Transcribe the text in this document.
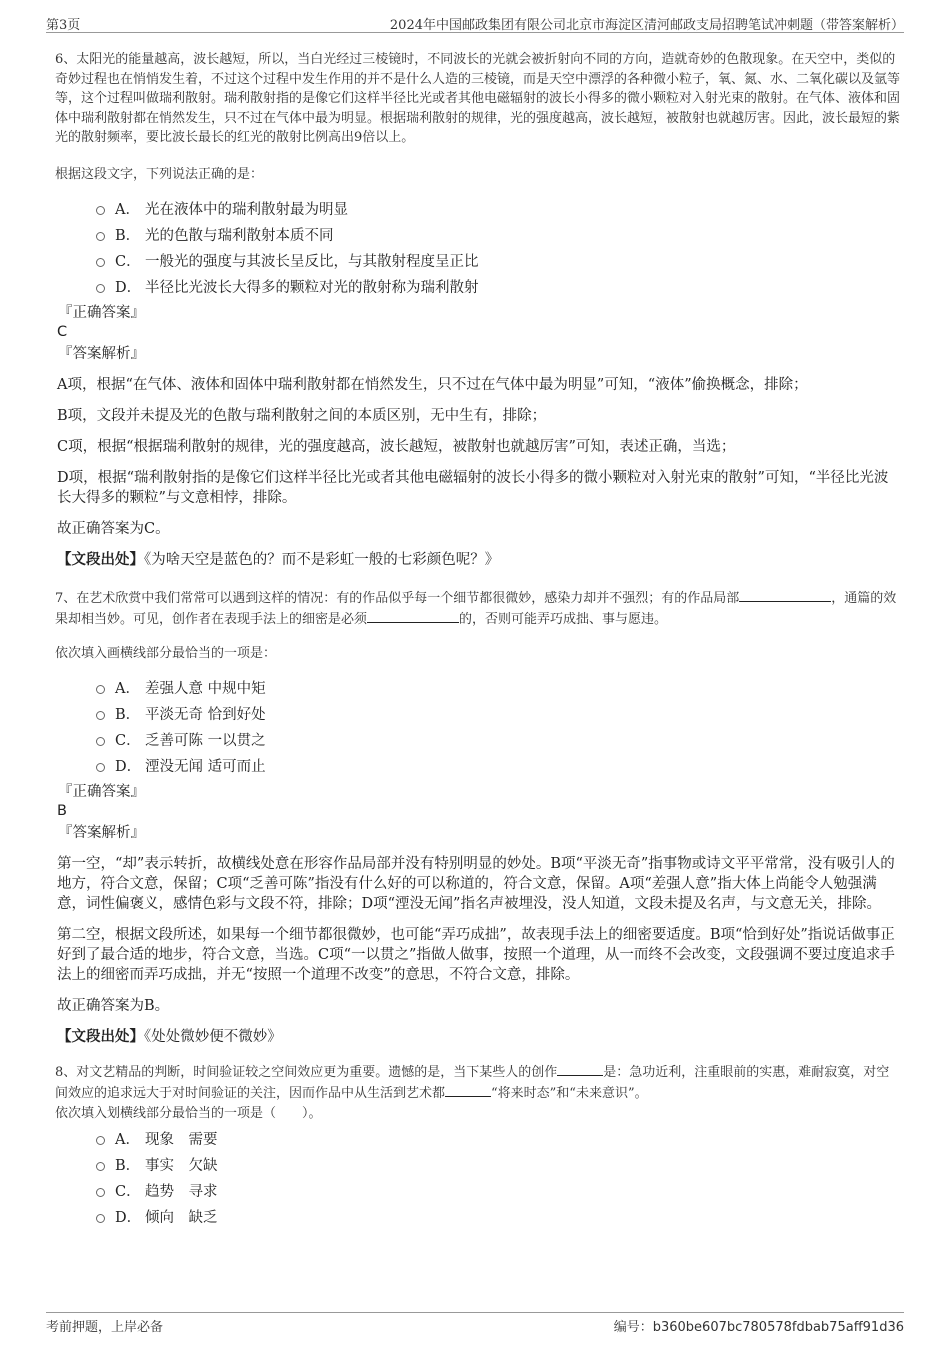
第3页	2024年中国邮政集团有限公司北京市海淀区清河邮政支局招聘笔试冲刺题（带答案解析）

6、太阳光的能量越高，波长越短，所以，当白光经过三棱镜时，不同波长的光就会被折射向不同的方向，造就奇妙的色散现象。在天空中，类似的奇妙过程也在悄悄发生着，不过这个过程中发生作用的并不是什么人造的三棱镜，而是天空中漂浮的各种微小粒子，氧、氮、水、二氧化碳以及氩等等，这个过程叫做瑞利散射。瑞利散射指的是像它们这样半径比光或者其他电磁辐射的波长小得多的微小颗粒对入射光束的散射。在气体、液体和固体中瑞利散射都在悄然发生，只不过在气体中最为明显。根据瑞利散射的规律，光的强度越高，波长越短，被散射也就越厉害。因此，波长最短的紫光的散射频率，要比波长最长的红光的散射比例高出9倍以上。

根据这段文字，下列说法正确的是：

A． 光在液体中的瑞利散射最为明显
B． 光的色散与瑞利散射本质不同
C． 一般光的强度与其波长呈反比，与其散射程度呈正比
D． 半径比光波长大得多的颗粒对光的散射称为瑞利散射

『正确答案』

C

『答案解析』

A项，根据“在气体、液体和固体中瑞利散射都在悄然发生，只不过在气体中最为明显”可知，“液体”偷换概念，排除；

B项，文段并未提及光的色散与瑞利散射之间的本质区别，无中生有，排除；

C项，根据“根据瑞利散射的规律，光的强度越高，波长越短，被散射也就越厉害”可知，表述正确，当选；

D项，根据“瑞利散射指的是像它们这样半径比光或者其他电磁辐射的波长小得多的微小颗粒对入射光束的散射”可知，“半径比光波长大得多的颗粒”与文意相悖，排除。

故正确答案为C。

【文段出处】《为啥天空是蓝色的？而不是彩虹一般的七彩颜色呢？》

7、在艺术欣赏中我们常常可以遇到这样的情况：有的作品似乎每一个细节都很微妙，感染力却并不强烈；有的作品局部	，通篇的效果却相当妙。可见，创作者在表现手法上的细密是必须	的，否则可能弄巧成拙、事与愿违。

依次填入画横线部分最恰当的一项是：

A． 差强人意 中规中矩
B． 平淡无奇 恰到好处
C． 乏善可陈 一以贯之
D． 湮没无闻 适可而止

『正确答案』

B

『答案解析』

第一空，“却”表示转折，故横线处意在形容作品局部并没有特别明显的妙处。B项“平淡无奇”指事物或诗文平平常常，没有吸引人的地方，符合文意，保留；C项“乏善可陈”指没有什么好的可以称道的，符合文意，保留。A项“差强人意”指大体上尚能令人勉强满意，词性偏褒义，感情色彩与文段不符，排除；D项“湮没无闻”指名声被埋没，没人知道，文段未提及名声，与文意无关，排除。

第二空，根据文段所述，如果每一个细节都很微妙，也可能“弄巧成拙”，故表现手法上的细密要适度。B项“恰到好处”指说话做事正好到了最合适的地步，符合文意，当选。C项“一以贯之”指做人做事，按照一个道理，从一而终不会改变，文段强调不要过度追求手法上的细密而弄巧成拙，并无“按照一个道理不改变”的意思，不符合文意，排除。

故正确答案为B。

【文段出处】《处处微妙便不微妙》

8、对文艺精品的判断，时间验证较之空间效应更为重要。遗憾的是，当下某些人的创作	是：急功近利，注重眼前的实惠，难耐寂寞，对空间效应的追求远大于对时间验证的关注，因而作品中从生活到艺术都	“将来时态”和“未来意识”。

依次填入划横线部分最恰当的一项是（　　）。

A． 现象　需要
B． 事实　欠缺
C． 趋势　寻求
D． 倾向　缺乏
考前押题，上岸必备	编号：b360be607bc780578fdbab75aff91d36
